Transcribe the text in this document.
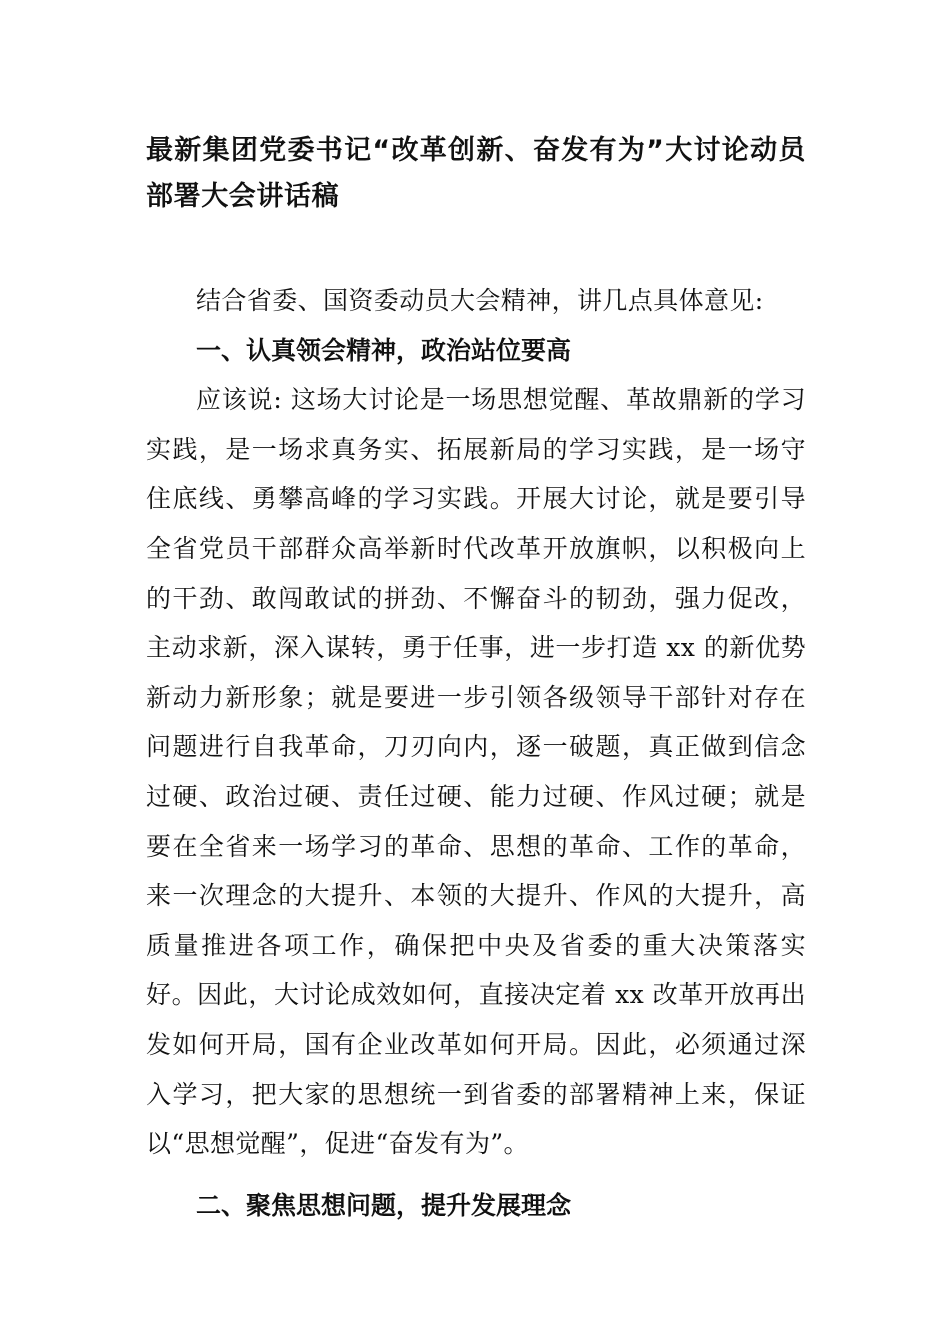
最新集团党委书记“改革创新、奋发有为”大讨论动员部署大会讲话稿

结合省委、国资委动员大会精神，讲几点具体意见:

一、认真领会精神，政治站位要高

应该说: 这场大讨论是一场思想觉醒、革故鼎新的学习实践，是一场求真务实、拓展新局的学习实践，是一场守住底线、勇攀高峰的学习实践。开展大讨论，就是要引导全省党员干部群众高举新时代改革开放旗帜，以积极向上的干劲、敢闯敢试的拼劲、不懈奋斗的韧劲，强力促改，主动求新，深入谋转，勇于任事，进一步打造 xx 的新优势新动力新形象；就是要进一步引领各级领导干部针对存在问题进行自我革命，刀刃向内，逐一破题，真正做到信念过硬、政治过硬、责任过硬、能力过硬、作风过硬；就是要在全省来一场学习的革命、思想的革命、工作的革命，来一次理念的大提升、本领的大提升、作风的大提升，高质量推进各项工作，确保把中央及省委的重大决策落实好。因此，大讨论成效如何，直接决定着 xx 改革开放再出发如何开局，国有企业改革如何开局。因此，必须通过深入学习，把大家的思想统一到省委的部署精神上来，保证以“思想觉醒”，促进“奋发有为”。

二、聚焦思想问题，提升发展理念
